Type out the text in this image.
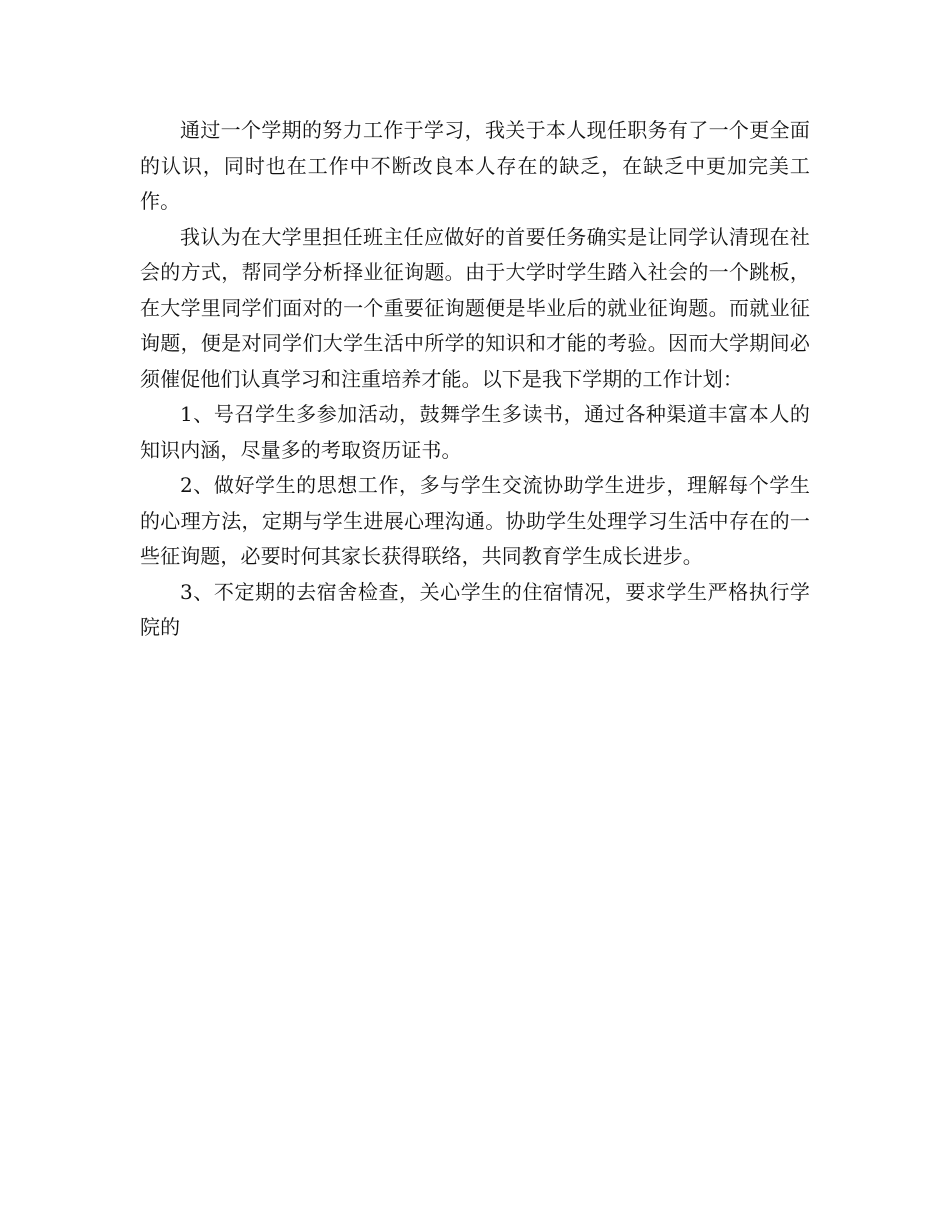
通过一个学期的努力工作于学习，我关于本人现任职务有了一个更全面的认识，同时也在工作中不断改良本人存在的缺乏，在缺乏中更加完美工作。

我认为在大学里担任班主任应做好的首要任务确实是让同学认清现在社会的方式，帮同学分析择业征询题。由于大学时学生踏入社会的一个跳板，在大学里同学们面对的一个重要征询题便是毕业后的就业征询题。而就业征询题，便是对同学们大学生活中所学的知识和才能的考验。因而大学期间必须催促他们认真学习和注重培养才能。以下是我下学期的工作计划：

1、号召学生多参加活动，鼓舞学生多读书，通过各种渠道丰富本人的知识内涵，尽量多的考取资历证书。

2、做好学生的思想工作，多与学生交流协助学生进步，理解每个学生的心理方法，定期与学生进展心理沟通。协助学生处理学习生活中存在的一些征询题，必要时何其家长获得联络，共同教育学生成长进步。

3、不定期的去宿舍检查，关心学生的住宿情况，要求学生严格执行学院的
